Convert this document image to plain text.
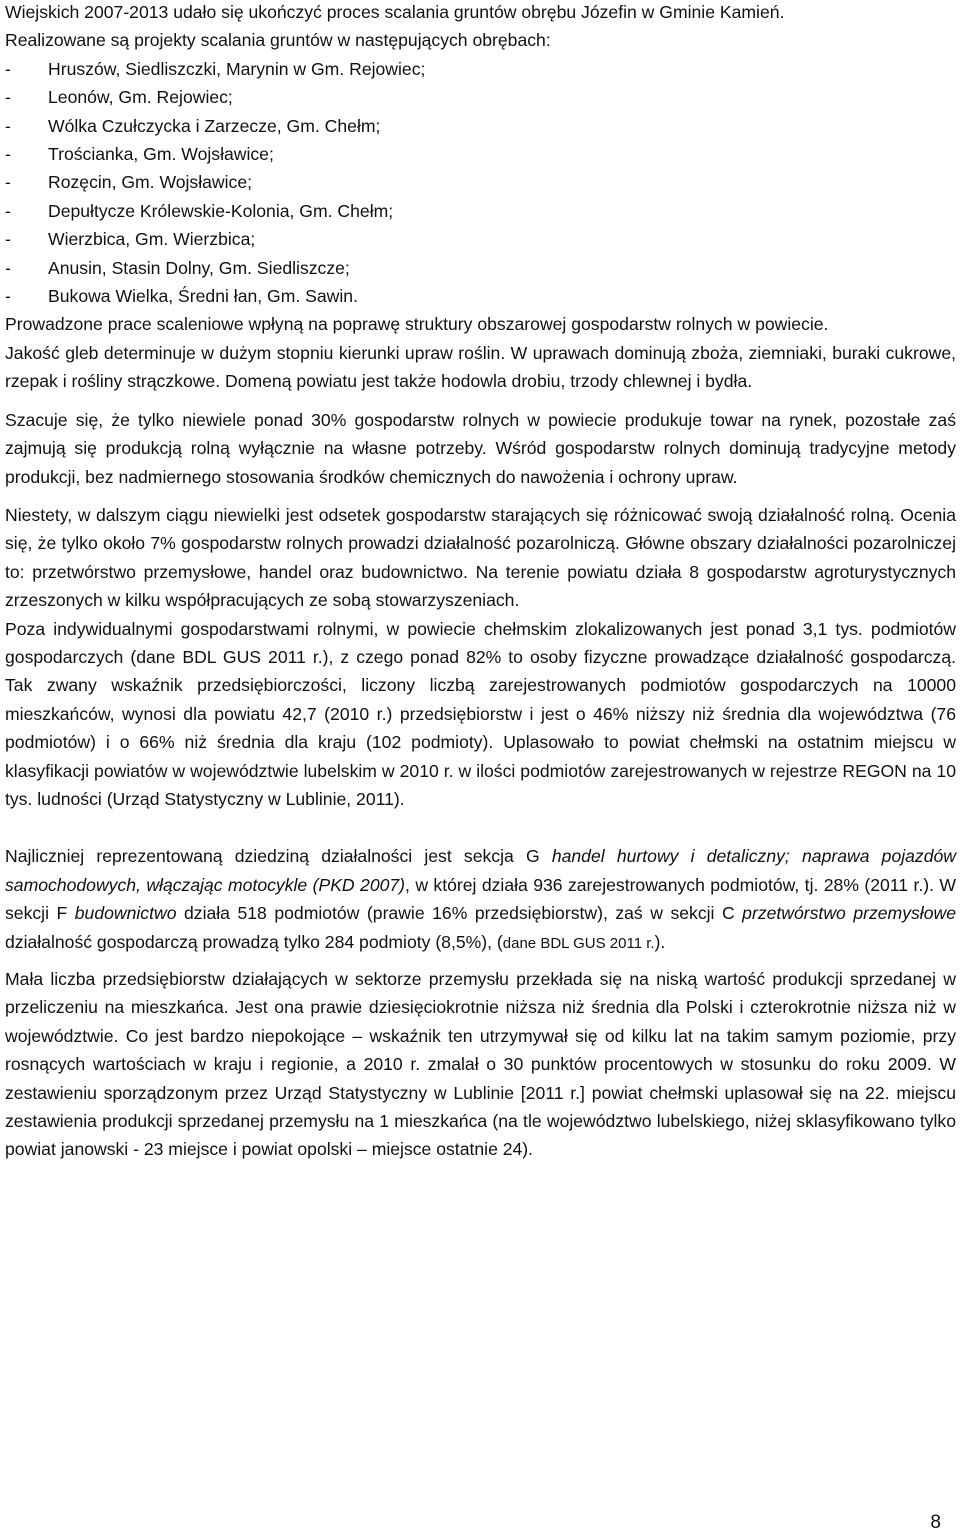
Wiejskich 2007-2013 udało się ukończyć proces scalania gruntów obrębu Józefin w Gminie Kamień.

Realizowane są projekty scalania gruntów w następujących obrębach:

- Hruszów, Siedliszczki, Marynin w Gm. Rejowiec;
- Leonów, Gm. Rejowiec;
- Wólka Czułczycka i Zarzecze, Gm. Chełm;
- Trościanka, Gm. Wojsławice;
- Rozęcin, Gm. Wojsławice;
- Depułtycze Królewskie-Kolonia, Gm. Chełm;
- Wierzbica, Gm. Wierzbica;
- Anusin, Stasin Dolny, Gm. Siedliszcze;
- Bukowa Wielka, Średni łan, Gm. Sawin.

Prowadzone prace scaleniowe wpłyną na poprawę struktury obszarowej gospodarstw rolnych w powiecie.

Jakość gleb determinuje w dużym stopniu kierunki upraw roślin. W uprawach dominują zboża, ziemniaki, buraki cukrowe, rzepak i rośliny strączkowe. Domeną powiatu jest także hodowla drobiu, trzody chlewnej i bydła.

Szacuje się, że tylko niewiele ponad 30% gospodarstw rolnych w powiecie produkuje towar na rynek, pozostałe zaś zajmują się produkcją rolną wyłącznie na własne potrzeby. Wśród gospodarstw rolnych dominują tradycyjne metody produkcji, bez nadmiernego stosowania środków chemicznych do nawożenia i ochrony upraw.

Niestety, w dalszym ciągu niewielki jest odsetek gospodarstw starających się różnicować swoją działalność rolną. Ocenia się, że tylko około 7% gospodarstw rolnych prowadzi działalność pozarolniczą. Główne obszary działalności pozarolniczej to: przetwórstwo przemysłowe, handel oraz budownictwo. Na terenie powiatu działa 8 gospodarstw agroturystycznych zrzeszonych w kilku współpracujących ze sobą stowarzyszeniach.

Poza indywidualnymi gospodarstwami rolnymi, w powiecie chełmskim zlokalizowanych jest ponad 3,1 tys. podmiotów gospodarczych (dane BDL GUS 2011 r.), z czego ponad 82% to osoby fizyczne prowadzące działalność gospodarczą. Tak zwany wskaźnik przedsiębiorczości, liczony liczbą zarejestrowanych podmiotów gospodarczych na 10000 mieszkańców, wynosi dla powiatu 42,7 (2010 r.) przedsiębiorstw i jest o 46% niższy niż średnia dla województwa (76 podmiotów) i o 66% niż średnia dla kraju (102 podmioty). Uplasowało to powiat chełmski na ostatnim miejscu w klasyfikacji powiatów w województwie lubelskim w 2010 r. w ilości podmiotów zarejestrowanych w rejestrze REGON na 10 tys. ludności (Urząd Statystyczny w Lublinie, 2011).

Najliczniej reprezentowaną dziedziną działalności jest sekcja G handel hurtowy i detaliczny; naprawa pojazdów samochodowych, włączając motocykle (PKD 2007), w której działa 936 zarejestrowanych podmiotów, tj. 28% (2011 r.). W sekcji F budownictwo działa 518 podmiotów (prawie 16% przedsiębiorstw), zaś w sekcji C przetwórstwo przemysłowe działalność gospodarczą prowadzą tylko 284 podmioty (8,5%), (dane BDL GUS 2011 r.).

Mała liczba przedsiębiorstw działających w sektorze przemysłu przekłada się na niską wartość produkcji sprzedanej w przeliczeniu na mieszkańca. Jest ona prawie dziesięciokrotnie niższa niż średnia dla Polski i czterokrotnie niższa niż w województwie. Co jest bardzo niepokojące – wskaźnik ten utrzymywał się od kilku lat na takim samym poziomie, przy rosnących wartościach w kraju i regionie, a 2010 r. zmalał o 30 punktów procentowych w stosunku do roku 2009. W zestawieniu sporządzonym przez Urząd Statystyczny w Lublinie [2011 r.] powiat chełmski uplasował się na 22. miejscu zestawienia produkcji sprzedanej przemysłu na 1 mieszkańca (na tle województwo lubelskiego, niżej sklasyfikowano tylko powiat janowski - 23 miejsce i powiat opolski – miejsce ostatnie 24).

8
